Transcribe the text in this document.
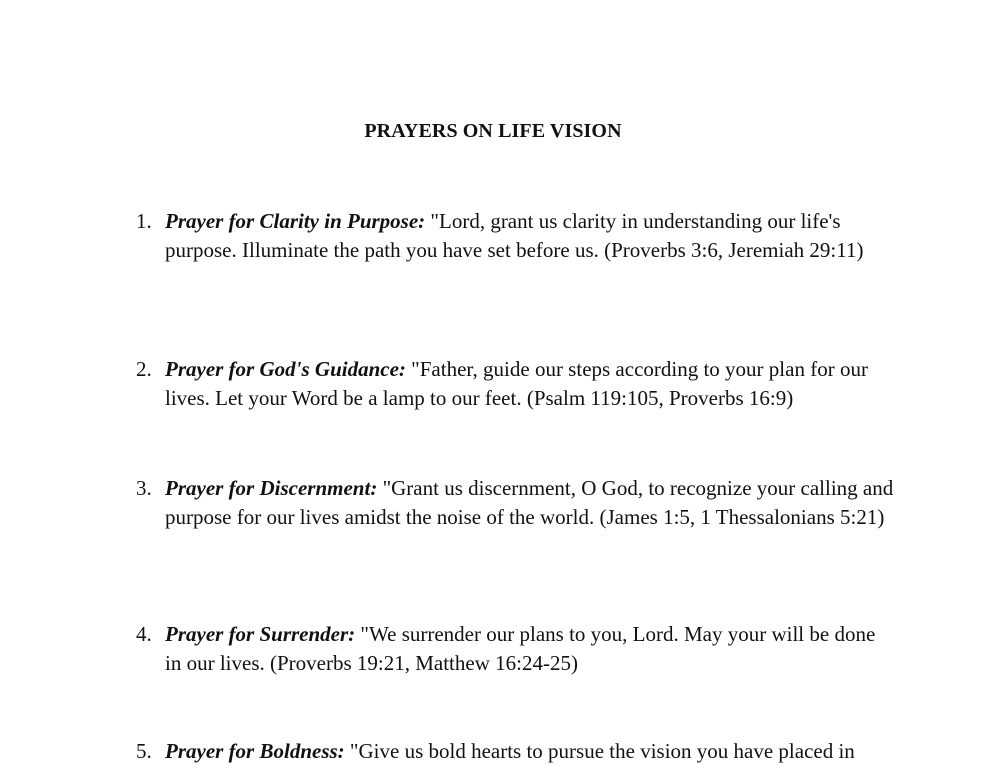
PRAYERS ON LIFE VISION
1. Prayer for Clarity in Purpose: "Lord, grant us clarity in understanding our life's purpose. Illuminate the path you have set before us. (Proverbs 3:6, Jeremiah 29:11)
2. Prayer for God's Guidance: "Father, guide our steps according to your plan for our lives. Let your Word be a lamp to our feet. (Psalm 119:105, Proverbs 16:9)
3. Prayer for Discernment: "Grant us discernment, O God, to recognize your calling and purpose for our lives amidst the noise of the world. (James 1:5, 1 Thessalonians 5:21)
4. Prayer for Surrender: "We surrender our plans to you, Lord. May your will be done in our lives. (Proverbs 19:21, Matthew 16:24-25)
5. Prayer for Boldness: "Give us bold hearts to pursue the vision you have placed in
